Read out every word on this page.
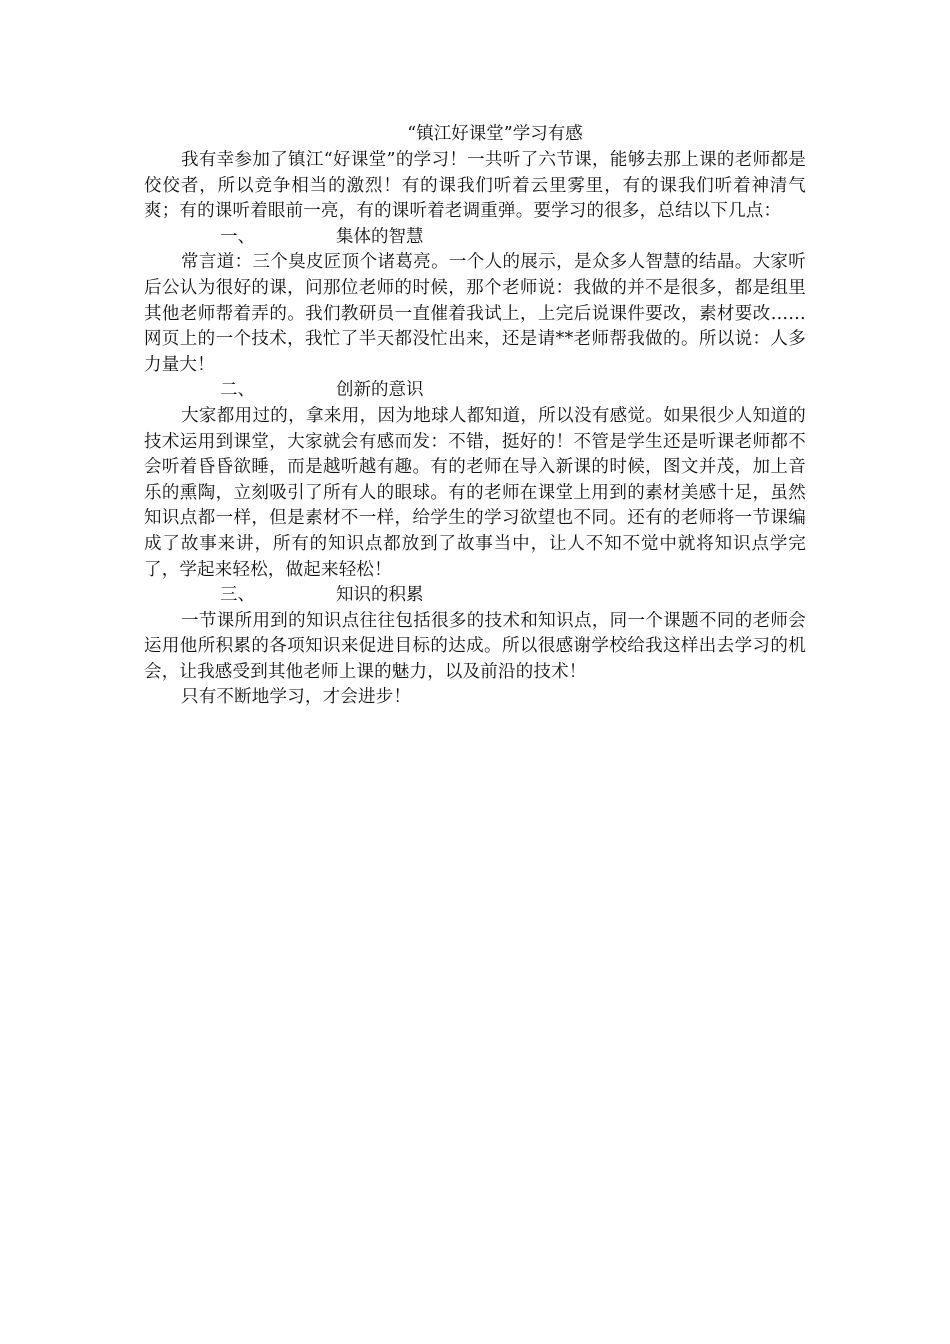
“镇江好课堂”学习有感

我有幸参加了镇江“好课堂”的学习！一共听了六节课，能够去那上课的老师都是佼佼者，所以竞争相当的激烈！有的课我们听着云里雾里，有的课我们听着神清气爽；有的课听着眼前一亮，有的课听着老调重弹。要学习的很多，总结以下几点：

一、	集体的智慧

常言道：三个臭皮匠顶个诸葛亮。一个人的展示，是众多人智慧的结晶。大家听后公认为很好的课，问那位老师的时候，那个老师说：我做的并不是很多，都是组里其他老师帮着弄的。我们教研员一直催着我试上，上完后说课件要改，素材要改……网页上的一个技术，我忙了半天都没忙出来，还是请**老师帮我做的。所以说：人多力量大！

二、	创新的意识

大家都用过的，拿来用，因为地球人都知道，所以没有感觉。如果很少人知道的技术运用到课堂，大家就会有感而发：不错，挺好的！不管是学生还是听课老师都不会听着昏昏欲睡，而是越听越有趣。有的老师在导入新课的时候，图文并茂，加上音乐的熏陶，立刻吸引了所有人的眼球。有的老师在课堂上用到的素材美感十足，虽然知识点都一样，但是素材不一样，给学生的学习欲望也不同。还有的老师将一节课编成了故事来讲，所有的知识点都放到了故事当中，让人不知不觉中就将知识点学完了，学起来轻松，做起来轻松！

三、	知识的积累

一节课所用到的知识点往往包括很多的技术和知识点，同一个课题不同的老师会运用他所积累的各项知识来促进目标的达成。所以很感谢学校给我这样出去学习的机会，让我感受到其他老师上课的魅力，以及前沿的技术！

只有不断地学习，才会进步！
